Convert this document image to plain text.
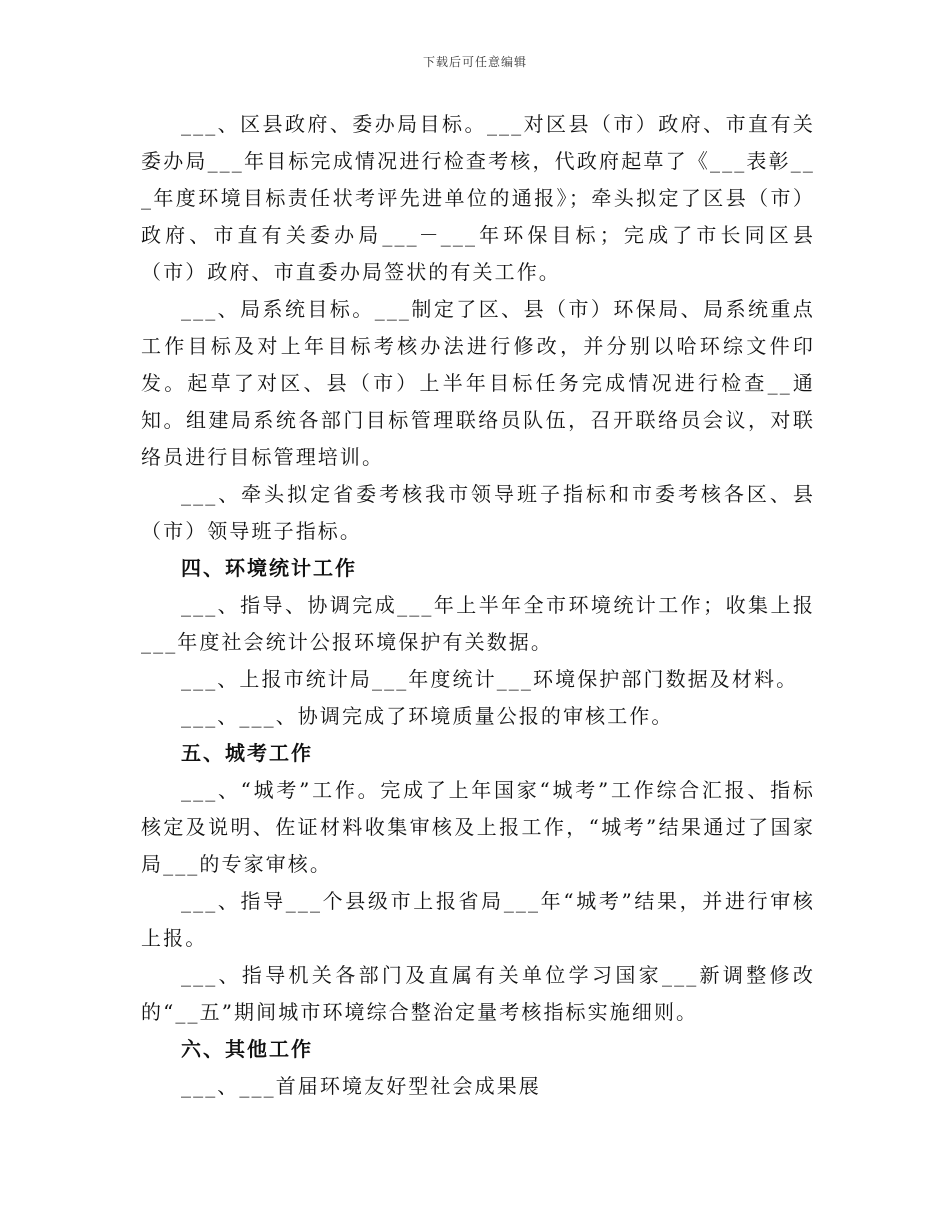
下载后可任意编辑

___、区县政府、委办局目标。___对区县（市）政府、市直有关委办局___年目标完成情况进行检查考核，代政府起草了《___表彰___年度环境目标责任状考评先进单位的通报》；牵头拟定了区县（市）政府、市直有关委办局___－___年环保目标；完成了市长同区县（市）政府、市直委办局签状的有关工作。

___、局系统目标。___制定了区、县（市）环保局、局系统重点工作目标及对上年目标考核办法进行修改，并分别以哈环综文件印发。起草了对区、县（市）上半年目标任务完成情况进行检查__通知。组建局系统各部门目标管理联络员队伍，召开联络员会议，对联络员进行目标管理培训。

___、牵头拟定省委考核我市领导班子指标和市委考核各区、县（市）领导班子指标。

四、环境统计工作

___、指导、协调完成___年上半年全市环境统计工作；收集上报___年度社会统计公报环境保护有关数据。

___、上报市统计局___年度统计___环境保护部门数据及材料。

___、___、协调完成了环境质量公报的审核工作。

五、城考工作

___、“城考”工作。完成了上年国家“城考”工作综合汇报、指标核定及说明、佐证材料收集审核及上报工作，“城考”结果通过了国家局___的专家审核。

___、指导___个县级市上报省局___年“城考”结果，并进行审核上报。

___、指导机关各部门及直属有关单位学习国家___新调整修改的“__五”期间城市环境综合整治定量考核指标实施细则。

六、其他工作

___、___首届环境友好型社会成果展
